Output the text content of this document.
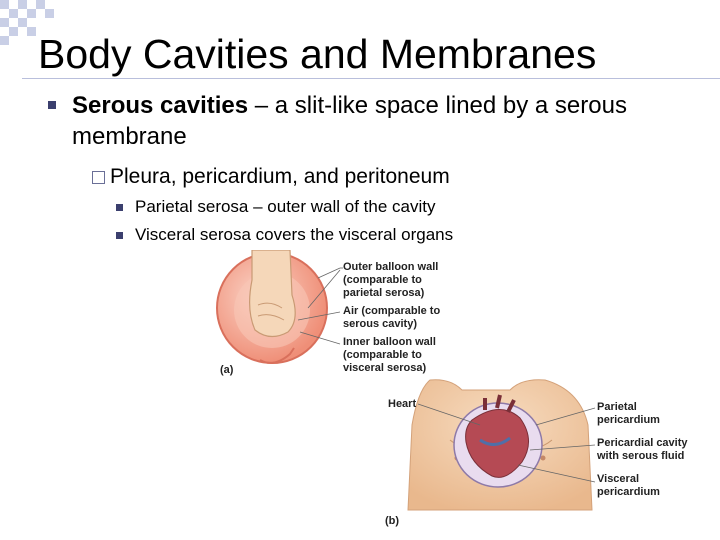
Body Cavities and Membranes
Serous cavities – a slit-like space lined by a serous membrane
Pleura, pericardium, and peritoneum
Parietal serosa – outer wall of the cavity
Visceral serosa covers the visceral organs
(a)
Outer balloon wall
(comparable to
parietal serosa)
Air (comparable to
serous cavity)
Inner balloon wall
(comparable to
visceral serosa)
Heart	Parietal
pericardium
Pericardial cavity
with serous fluid
Visceral
pericardium
(b)
